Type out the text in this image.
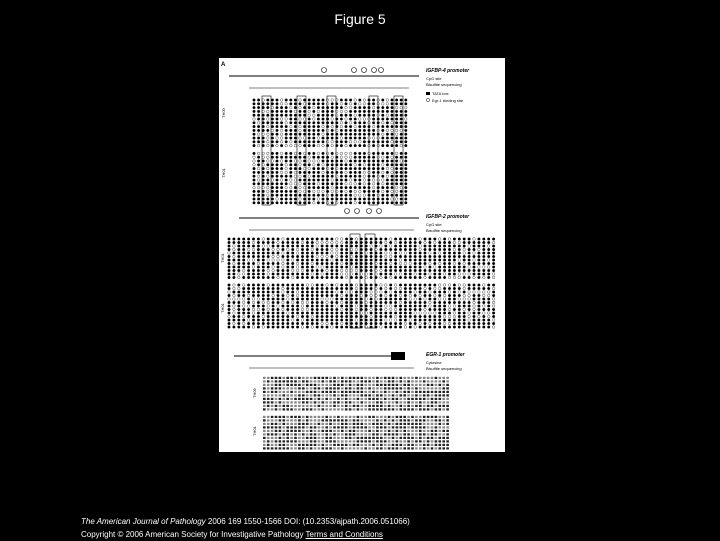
Figure 5
A
IGFBP-4 promoter
CpG site
Bisulfite sequencing
TATA box
Egr-1 binding site
TH09
TH01
IGFBP-2 promoter
CpG site
Bisulfite sequencing
TH01
TH01
EGR-1 promoter
Cytosine
Bisulfite sequencing
TH09
TH01
The American Journal of Pathology 2006 169 1550-1566 DOI: (10.2353/ajpath.2006.051066)
Copyright © 2006 American Society for Investigative Pathology Terms and Conditions
